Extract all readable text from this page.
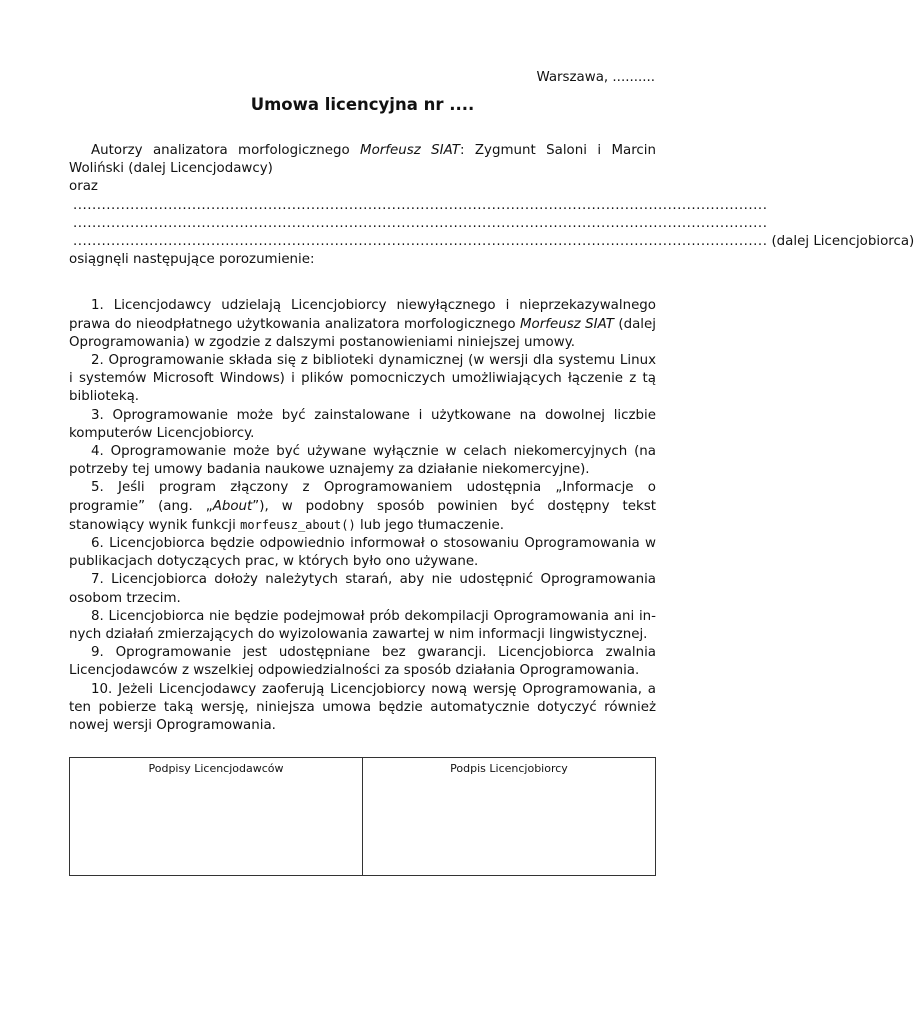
Warszawa, ..........
Umowa licencyjna nr ....

Autorzy analizatora morfologicznego Morfeusz SIAT: Zygmunt Saloni i Marcin Woliński (dalej Licencjodawcy)

oraz

..................................................................................................................................................
..................................................................................................................................................
.................................................................................................................................................. (dalej Licencjobiorca)

osiągnęli następujące porozumienie:

1. Licencjodawcy udzielają Licencjobiorcy niewyłącznego i nieprzekazywalnego prawa do nieodpłatnego użytkowania analizatora morfologicznego Morfeusz SIAT (dalej Oprogramowania) w zgodzie z dalszymi postanowieniami niniejszej umowy.

2. Oprogramowanie składa się z biblioteki dynamicznej (w wersji dla systemu Linux i systemów Microsoft Windows) i plików pomocniczych umożliwiających łączenie z tą biblioteką.

3. Oprogramowanie może być zainstalowane i użytkowane na dowolnej liczbie komputerów Licencjobiorcy.

4. Oprogramowanie może być używane wyłącznie w celach niekomercyjnych (na potrzeby tej umowy badania naukowe uznajemy za działanie niekomercyjne).

5. Jeśli program złączony z Oprogramowaniem udostępnia „Informacje o programie” (ang. „About”), w podobny sposób powinien być dostępny tekst stanowiący wynik funkcji morfeusz_about() lub jego tłumaczenie.

6. Licencjobiorca będzie odpowiednio informował o stosowaniu Oprogramowania w publikacjach dotyczących prac, w których było ono używane.

7. Licencjobiorca dołoży należytych starań, aby nie udostępnić Oprogramowania osobom trzecim.

8. Licencjobiorca nie będzie podejmował prób dekompilacji Oprogramowania ani innych działań zmierzających do wyizolowania zawartej w nim informacji lingwistycznej.

9. Oprogramowanie jest udostępniane bez gwarancji. Licencjobiorca zwalnia Licencjodawców z wszelkiej odpowiedzialności za sposób działania Oprogramowania.

10. Jeżeli Licencjodawcy zaoferują Licencjobiorcy nową wersję Oprogramowania, a ten pobierze taką wersję, niniejsza umowa będzie automatycznie dotyczyć również nowej wersji Oprogramowania.

Podpisy Licencjodawców	Podpis Licencjobiorcy
